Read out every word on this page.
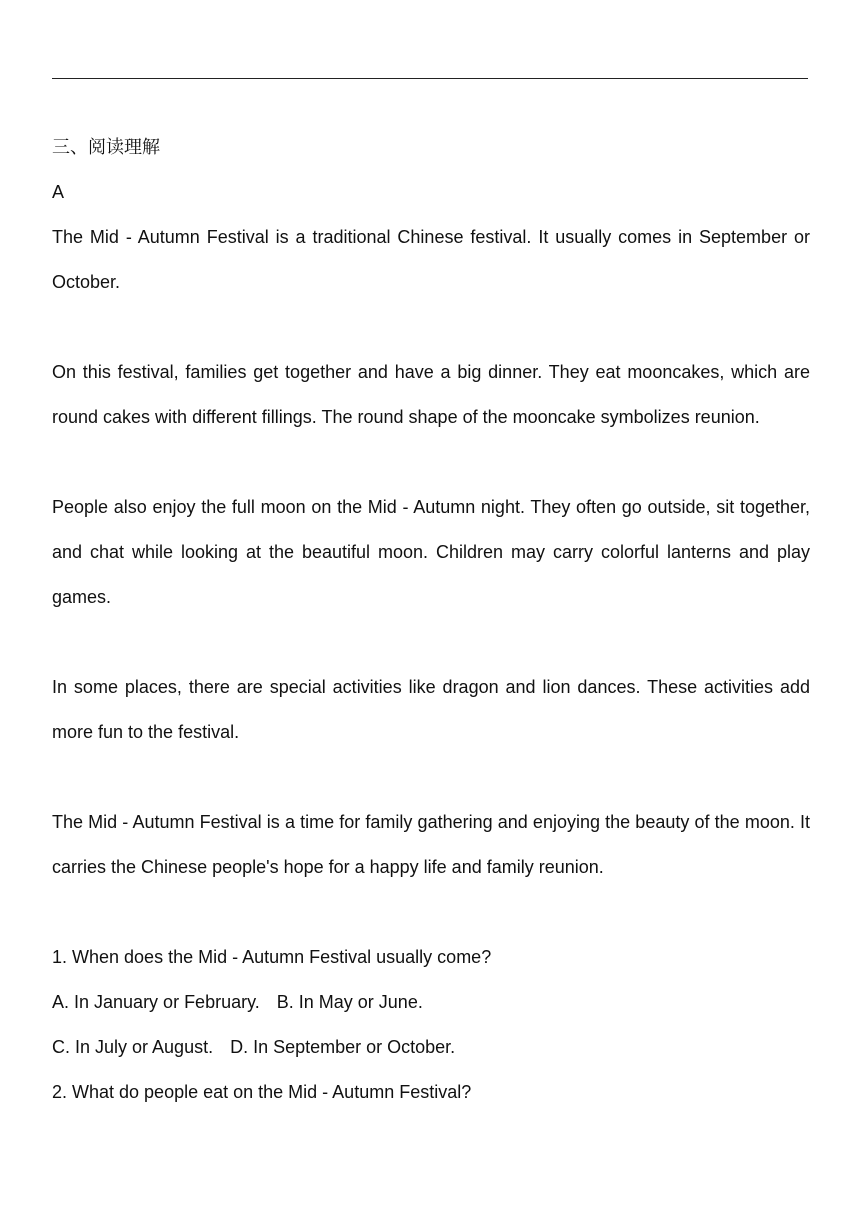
三、阅读理解
A

The Mid - Autumn Festival is a traditional Chinese festival. It usually comes in September or October.

On this festival, families get together and have a big dinner. They eat mooncakes, which are round cakes with different fillings. The round shape of the mooncake symbolizes reunion.

People also enjoy the full moon on the Mid - Autumn night. They often go outside, sit together, and chat while looking at the beautiful moon. Children may carry colorful lanterns and play games.

In some places, there are special activities like dragon and lion dances. These activities add more fun to the festival.

The Mid - Autumn Festival is a time for family gathering and enjoying the beauty of the moon. It carries the Chinese people's hope for a happy life and family reunion.

1. When does the Mid - Autumn Festival usually come?
A. In January or February. B. In May or June.
C. In July or August. D. In September or October.
2. What do people eat on the Mid - Autumn Festival?
